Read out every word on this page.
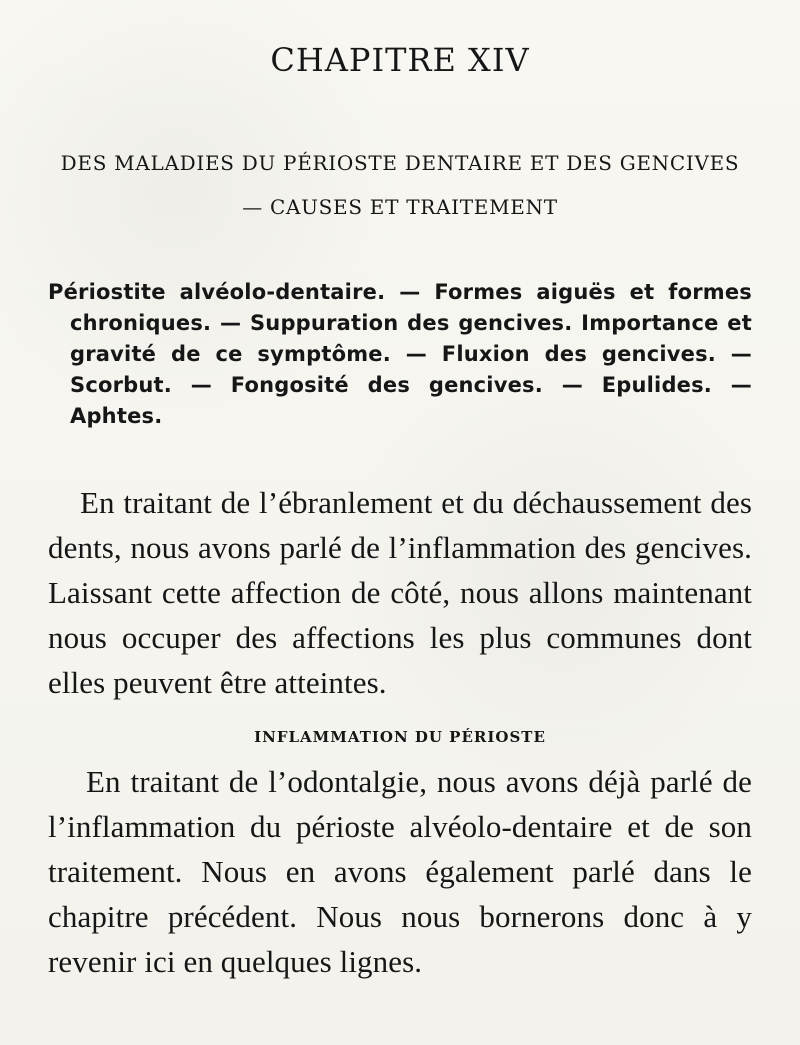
CHAPITRE XIV
DES MALADIES DU PÉRIOSTE DENTAIRE ET DES GENCIVES — CAUSES ET TRAITEMENT

Périostite alvéolo-dentaire. — Formes aiguës et formes chroniques. — Suppuration des gencives. Importance et gravité de ce symptôme. — Fluxion des gencives. — Scorbut. — Fongosité des gencives. — Epulides. — Aphtes.

En traitant de l’ébranlement et du déchaussement des dents, nous avons parlé de l’inflammation des gencives. Laissant cette affection de côté, nous allons maintenant nous occuper des affections les plus communes dont elles peuvent être atteintes.

INFLAMMATION DU PÉRIOSTE

En traitant de l’odontalgie, nous avons déjà parlé de l’inflammation du périoste alvéolo-dentaire et de son traitement. Nous en avons également parlé dans le chapitre précédent. Nous nous bornerons donc à y revenir ici en quelques lignes.
